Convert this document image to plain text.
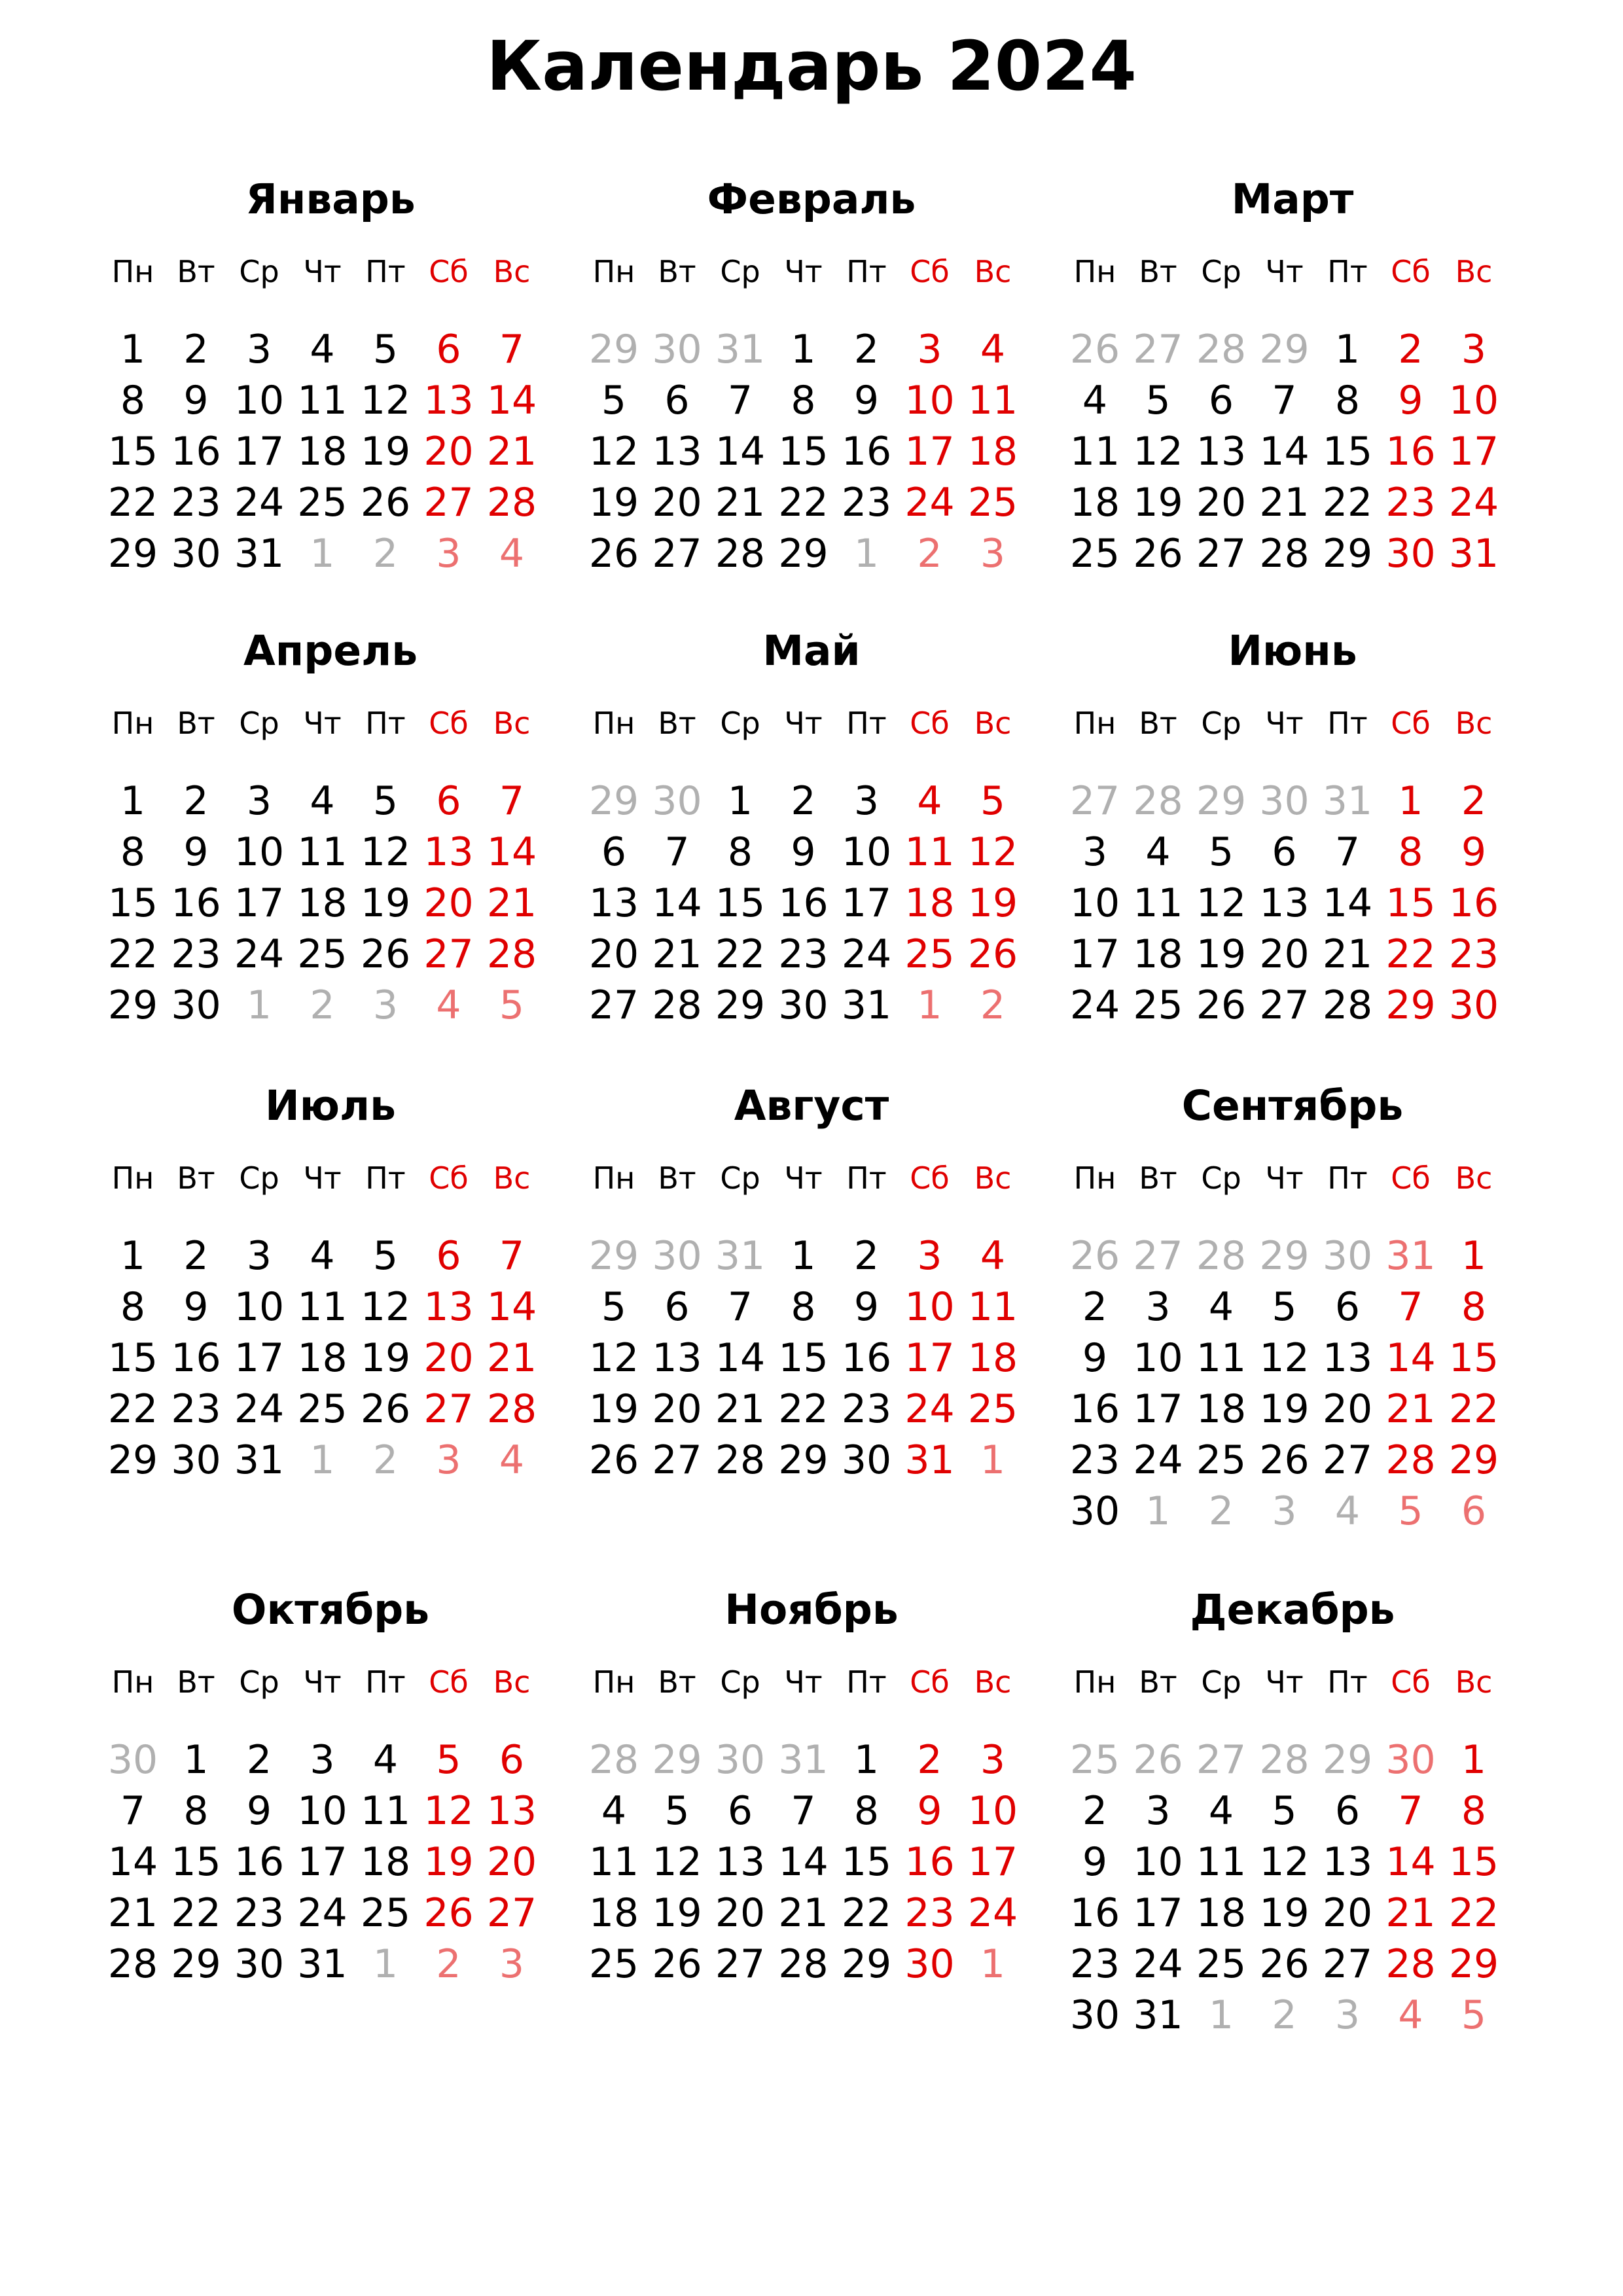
Календарь 2024
Январь
Пн Вт Ср Чт Пт Сб Вс
1 2 3 4 5 6 7
8 9 10 11 12 13 14
15 16 17 18 19 20 21
22 23 24 25 26 27 28
29 30 31 1 2 3 4
Февраль
Пн Вт Ср Чт Пт Сб Вс
29 30 31 1 2 3 4
5 6 7 8 9 10 11
12 13 14 15 16 17 18
19 20 21 22 23 24 25
26 27 28 29 1 2 3
Март
Пн Вт Ср Чт Пт Сб Вс
26 27 28 29 1 2 3
4 5 6 7 8 9 10
11 12 13 14 15 16 17
18 19 20 21 22 23 24
25 26 27 28 29 30 31
Апрель
Пн Вт Ср Чт Пт Сб Вс
1 2 3 4 5 6 7
8 9 10 11 12 13 14
15 16 17 18 19 20 21
22 23 24 25 26 27 28
29 30 1 2 3 4 5
Май
Пн Вт Ср Чт Пт Сб Вс
29 30 1 2 3 4 5
6 7 8 9 10 11 12
13 14 15 16 17 18 19
20 21 22 23 24 25 26
27 28 29 30 31 1 2
Июнь
Пн Вт Ср Чт Пт Сб Вс
27 28 29 30 31 1 2
3 4 5 6 7 8 9
10 11 12 13 14 15 16
17 18 19 20 21 22 23
24 25 26 27 28 29 30
Июль
Пн Вт Ср Чт Пт Сб Вс
1 2 3 4 5 6 7
8 9 10 11 12 13 14
15 16 17 18 19 20 21
22 23 24 25 26 27 28
29 30 31 1 2 3 4
Август
Пн Вт Ср Чт Пт Сб Вс
29 30 31 1 2 3 4
5 6 7 8 9 10 11
12 13 14 15 16 17 18
19 20 21 22 23 24 25
26 27 28 29 30 31 1
Сентябрь
Пн Вт Ср Чт Пт Сб Вс
26 27 28 29 30 31 1
2 3 4 5 6 7 8
9 10 11 12 13 14 15
16 17 18 19 20 21 22
23 24 25 26 27 28 29
30 1 2 3 4 5 6
Октябрь
Пн Вт Ср Чт Пт Сб Вс
30 1 2 3 4 5 6
7 8 9 10 11 12 13
14 15 16 17 18 19 20
21 22 23 24 25 26 27
28 29 30 31 1 2 3
Ноябрь
Пн Вт Ср Чт Пт Сб Вс
28 29 30 31 1 2 3
4 5 6 7 8 9 10
11 12 13 14 15 16 17
18 19 20 21 22 23 24
25 26 27 28 29 30 1
Декабрь
Пн Вт Ср Чт Пт Сб Вс
25 26 27 28 29 30 1
2 3 4 5 6 7 8
9 10 11 12 13 14 15
16 17 18 19 20 21 22
23 24 25 26 27 28 29
30 31 1 2 3 4 5
